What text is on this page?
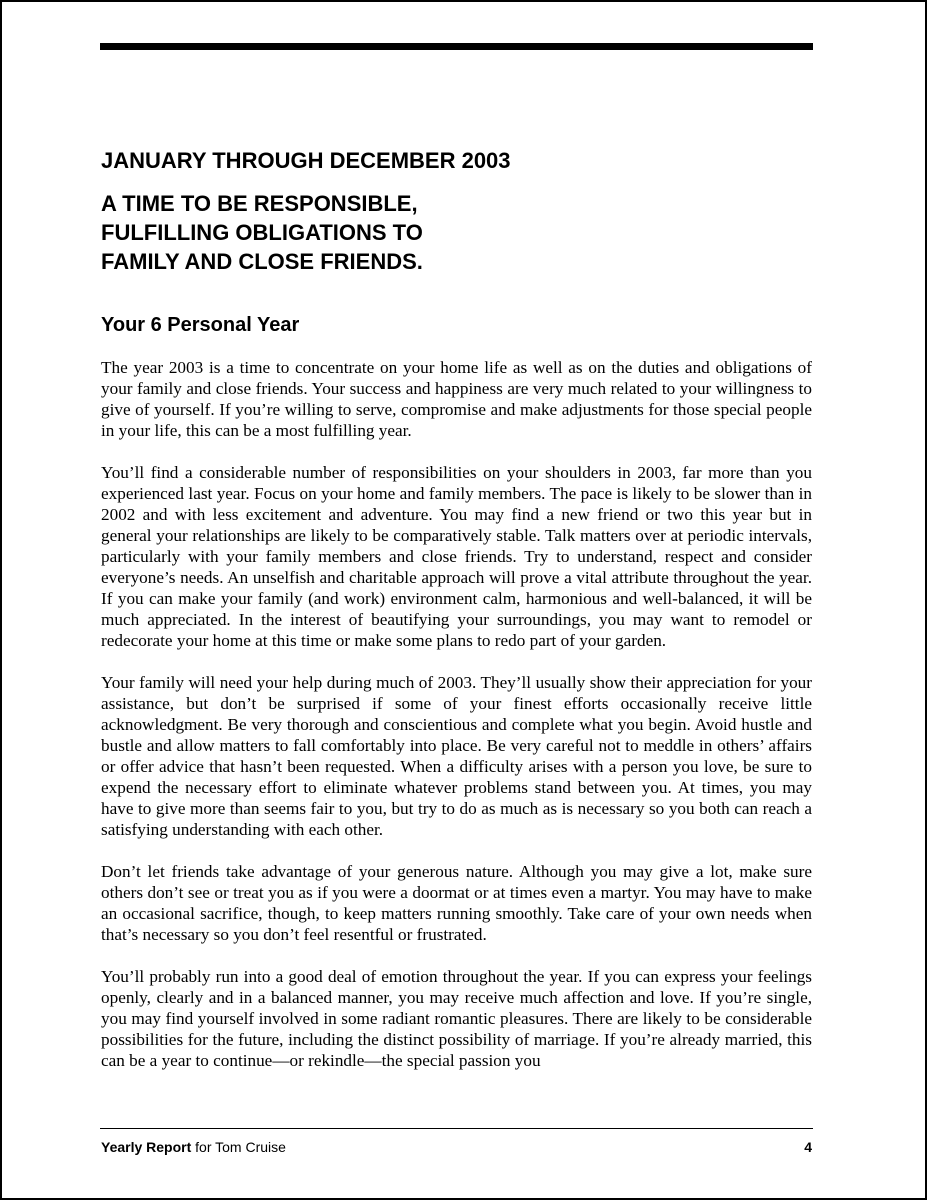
JANUARY THROUGH DECEMBER 2003
A TIME TO BE RESPONSIBLE,
FULFILLING OBLIGATIONS TO
FAMILY AND CLOSE FRIENDS.
Your 6 Personal Year

The year 2003 is a time to concentrate on your home life as well as on the duties and obligations of your family and close friends. Your success and happiness are very much related to your willingness to give of yourself. If you’re willing to serve, compromise and make adjustments for those special people in your life, this can be a most fulfilling year.

You’ll find a considerable number of responsibilities on your shoulders in 2003, far more than you experienced last year. Focus on your home and family members. The pace is likely to be slower than in 2002 and with less excitement and adventure. You may find a new friend or two this year but in general your relationships are likely to be comparatively stable. Talk matters over at periodic intervals, particularly with your family members and close friends. Try to understand, respect and consider everyone’s needs. An unselfish and charitable approach will prove a vital attribute throughout the year. If you can make your family (and work) environment calm, harmonious and well-balanced, it will be much appreciated. In the interest of beautifying your surroundings, you may want to remodel or redecorate your home at this time or make some plans to redo part of your garden.

Your family will need your help during much of 2003. They’ll usually show their appreciation for your assistance, but don’t be surprised if some of your finest efforts occasionally receive little acknowledgment. Be very thorough and conscientious and complete what you begin. Avoid hustle and bustle and allow matters to fall comfortably into place. Be very careful not to meddle in others’ affairs or offer advice that hasn’t been requested. When a difficulty arises with a person you love, be sure to expend the necessary effort to eliminate whatever problems stand between you. At times, you may have to give more than seems fair to you, but try to do as much as is necessary so you both can reach a satisfying understanding with each other.

Don’t let friends take advantage of your generous nature. Although you may give a lot, make sure others don’t see or treat you as if you were a doormat or at times even a martyr. You may have to make an occasional sacrifice, though, to keep matters running smoothly. Take care of your own needs when that’s necessary so you don’t feel resentful or frustrated.

You’ll probably run into a good deal of emotion throughout the year. If you can express your feelings openly, clearly and in a balanced manner, you may receive much affection and love. If you’re single, you may find yourself involved in some radiant romantic pleasures. There are likely to be considerable possibilities for the future, including the distinct possibility of marriage. If you’re already married, this can be a year to continue—or rekindle—the special passion you

Yearly Report for Tom Cruise	4
